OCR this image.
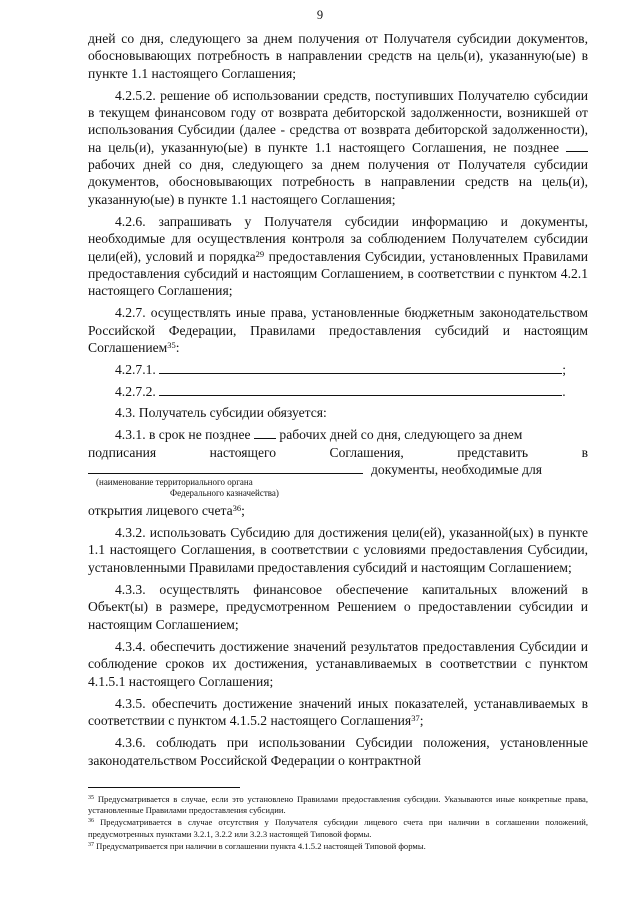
9

дней со дня, следующего за днем получения от Получателя субсидии документов, обосновывающих потребность в направлении средств на цель(и), указанную(ые) в пункте 1.1 настоящего Соглашения;

4.2.5.2. решение об использовании средств, поступивших Получателю субсидии в текущем финансовом году от возврата дебиторской задолженности, возникшей от использования Субсидии (далее - средства от возврата дебиторской задолженности), на цель(и), указанную(ые) в пункте 1.1 настоящего Соглашения, не позднее  рабочих дней со дня, следующего за днем получения от Получателя субсидии документов, обосновывающих потребность в направлении средств на цель(и), указанную(ые) в пункте 1.1 настоящего Соглашения;

4.2.6. запрашивать у Получателя субсидии информацию и документы, необходимые для осуществления контроля за соблюдением Получателем субсидии цели(ей), условий и порядка$^{29}$ предоставления Субсидии, установленных Правилами предоставления субсидий и настоящим Соглашением, в соответствии с пунктом 4.2.1 настоящего Соглашения;

4.2.7. осуществлять иные права, установленные бюджетным законодательством Российской Федерации, Правилами предоставления субсидий и настоящим Соглашением$^{35}$:

4.2.7.1.	;

4.2.7.2.	.

4.3. Получатель субсидии обязуется:

4.3.1. в срок не позднее рабочих дней со дня, следующего за днем

подписания настоящего Соглашения, представить в

документы, необходимые для
(наименование территориального органа
Федерального казначейства)

открытия лицевого счета$^{36}$;

4.3.2. использовать Субсидию для достижения цели(ей), указанной(ых) в пункте 1.1 настоящего Соглашения, в соответствии с условиями предоставления Субсидии, установленными Правилами предоставления субсидий и настоящим Соглашением;

4.3.3. осуществлять финансовое обеспечение капитальных вложений в Объект(ы) в размере, предусмотренном Решением о предоставлении субсидии и настоящим Соглашением;

4.3.4. обеспечить достижение значений результатов предоставления Субсидии и соблюдение сроков их достижения, устанавливаемых в соответствии с пунктом 4.1.5.1 настоящего Соглашения;

4.3.5. обеспечить достижение значений иных показателей, устанавливаемых в соответствии с пунктом 4.1.5.2 настоящего Соглашения$^{37}$;

4.3.6. соблюдать при использовании Субсидии положения, установленные законодательством Российской Федерации о контрактной

$^{35}$ Предусматривается в случае, если это установлено Правилами предоставления субсидии. Указываются иные конкретные права, установленные Правилами предоставления субсидии.

$^{36}$ Предусматривается в случае отсутствия у Получателя субсидии лицевого счета при наличии в соглашении положений, предусмотренных пунктами 3.2.1, 3.2.2 или 3.2.3 настоящей Типовой формы.

$^{37}$ Предусматривается при наличии в соглашении пункта 4.1.5.2 настоящей Типовой формы.
